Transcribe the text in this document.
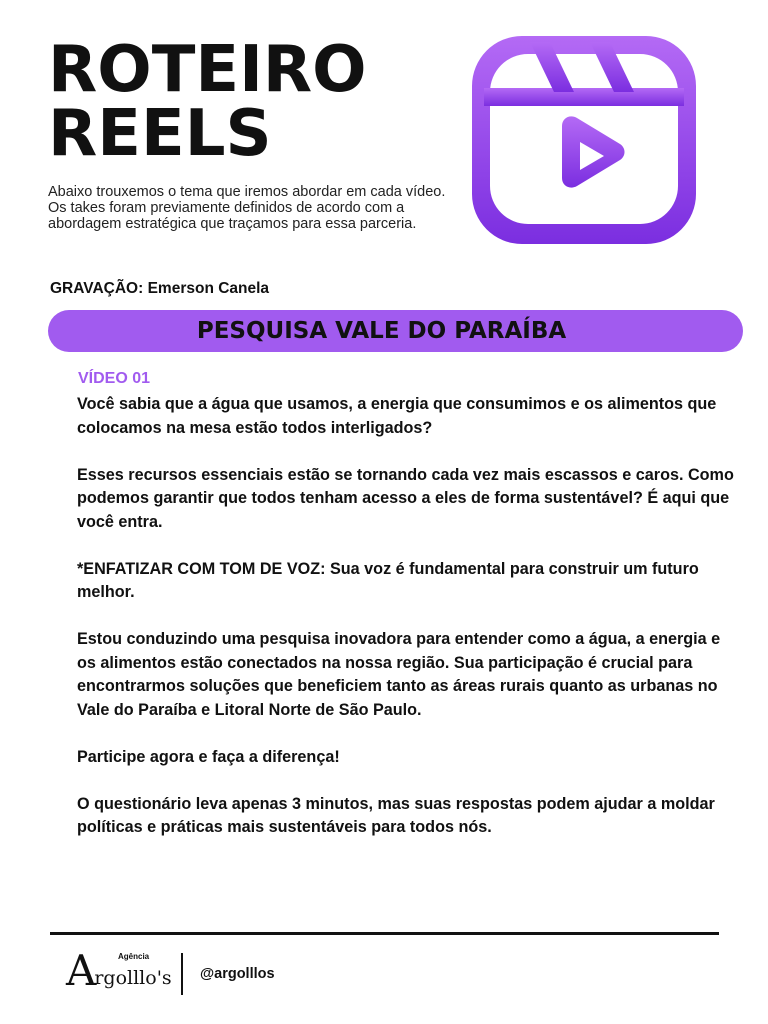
ROTEIRO
REELS

Abaixo trouxemos o tema que iremos abordar em cada vídeo. Os takes foram previamente definidos de acordo com a abordagem estratégica que traçamos para essa parceria.

GRAVAÇÃO: Emerson Canela

PESQUISA VALE DO PARAÍBA

VÍDEO 01

Você sabia que a água que usamos, a energia que consumimos e os alimentos que colocamos na mesa estão todos interligados?

Esses recursos essenciais estão se tornando cada vez mais escassos e caros. Como podemos garantir que todos tenham acesso a eles de forma sustentável? É aqui que você entra.

*ENFATIZAR COM TOM DE VOZ: Sua voz é fundamental para construir um futuro melhor.

Estou conduzindo uma pesquisa inovadora para entender como a água, a energia e os alimentos estão conectados na nossa região. Sua participação é crucial para encontrarmos soluções que beneficiem tanto as áreas rurais quanto as urbanas no Vale do Paraíba e Litoral Norte de São Paulo.

Participe agora e faça a diferença!

O questionário leva apenas 3 minutos, mas suas respostas podem ajudar a moldar políticas e práticas mais sustentáveis para todos nós.

Agência
A
rgolllo's @argolllos
